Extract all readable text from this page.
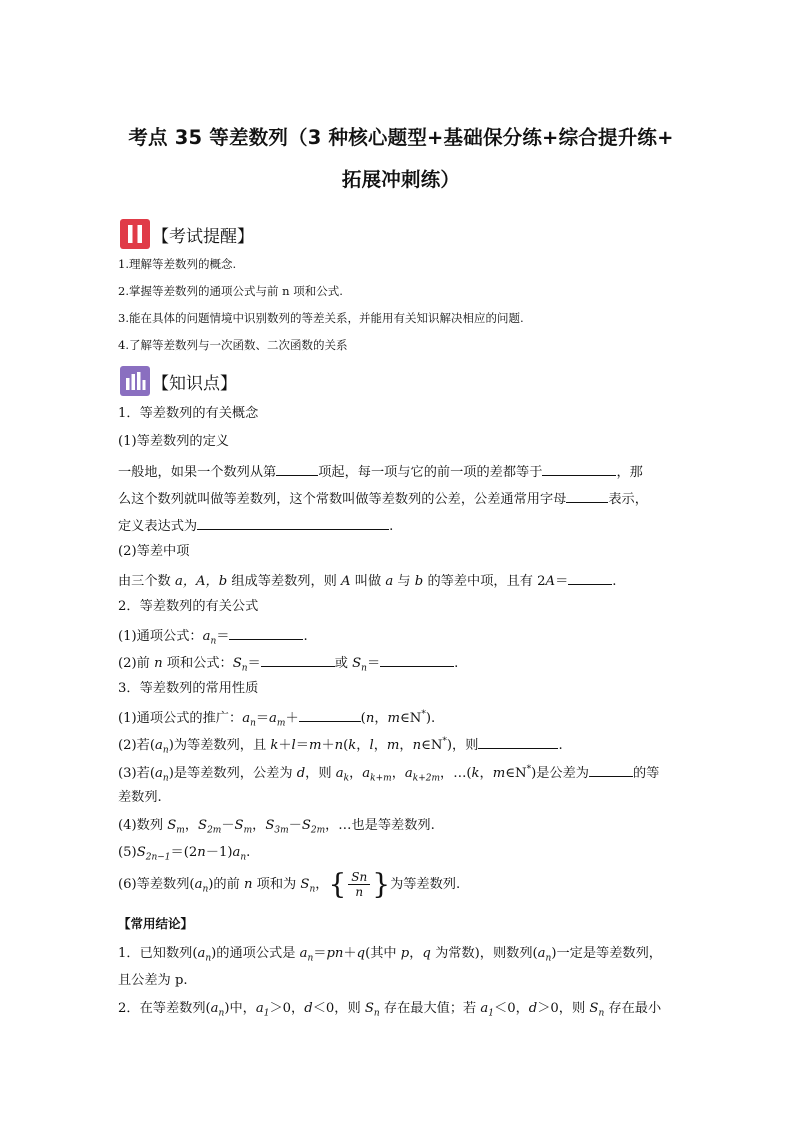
考点 35 等差数列（3 种核心题型+基础保分练+综合提升练+
拓展冲刺练）
【考试提醒】
1.理解等差数列的概念.
2.掌握等差数列的通项公式与前 n 项和公式.
3.能在具体的问题情境中识别数列的等差关系，并能用有关知识解决相应的问题.
4.了解等差数列与一次函数、二次函数的关系
【知识点】
1．等差数列的有关概念
(1)等差数列的定义
一般地，如果一个数列从第	项起，每一项与它的前一项的差都等于	，那
么这个数列就叫做等差数列，这个常数叫做等差数列的公差，公差通常用字母	表示，
定义表达式为	.
(2)等差中项
由三个数 a，A，b 组成等差数列，则 A 叫做 a 与 b 的等差中项，且有 2A＝	.
2．等差数列的有关公式
(1)通项公式：$a_n=$	.
(2)前 n 项和公式：$S_n=$	或 $S_n=$	.
3．等差数列的常用性质
(1)通项公式的推广：$a_n=a_m+$	(n，m∈N*).
(2)若$(a_n)$为等差数列，且 k＋l＝m＋n(k，l，m，n∈N*)，则	.
(3)若$(a_n)$是等差数列，公差为 d，则 $a_k$，$a_{k+m}$，$a_{k+2m}$，…(k，m∈N*)是公差为	的等
差数列.
(4)数列 $S_m$，$S_{2m}-S_m$，$S_{3m}-S_{2m}$，…也是等差数列.
$(5)S_{2n-1}=(2n-1)a_n$.
(6)等差数列$(a_n)$的前 n 项和为 $S_n$，{ $\frac{Sn}{n}$ }为等差数列.
【常用结论】
1．已知数列$(a_n)$的通项公式是 $a_n=pn+q$(其中 p，q 为常数)，则数列$(a_n)$一定是等差数列，
且公差为 p.
2．在等差数列$(a_n)$中，$a_1>0$，d＜0，则 $S_n$ 存在最大值；若 $a_1<0$，d＞0，则 $S_n$ 存在最小
